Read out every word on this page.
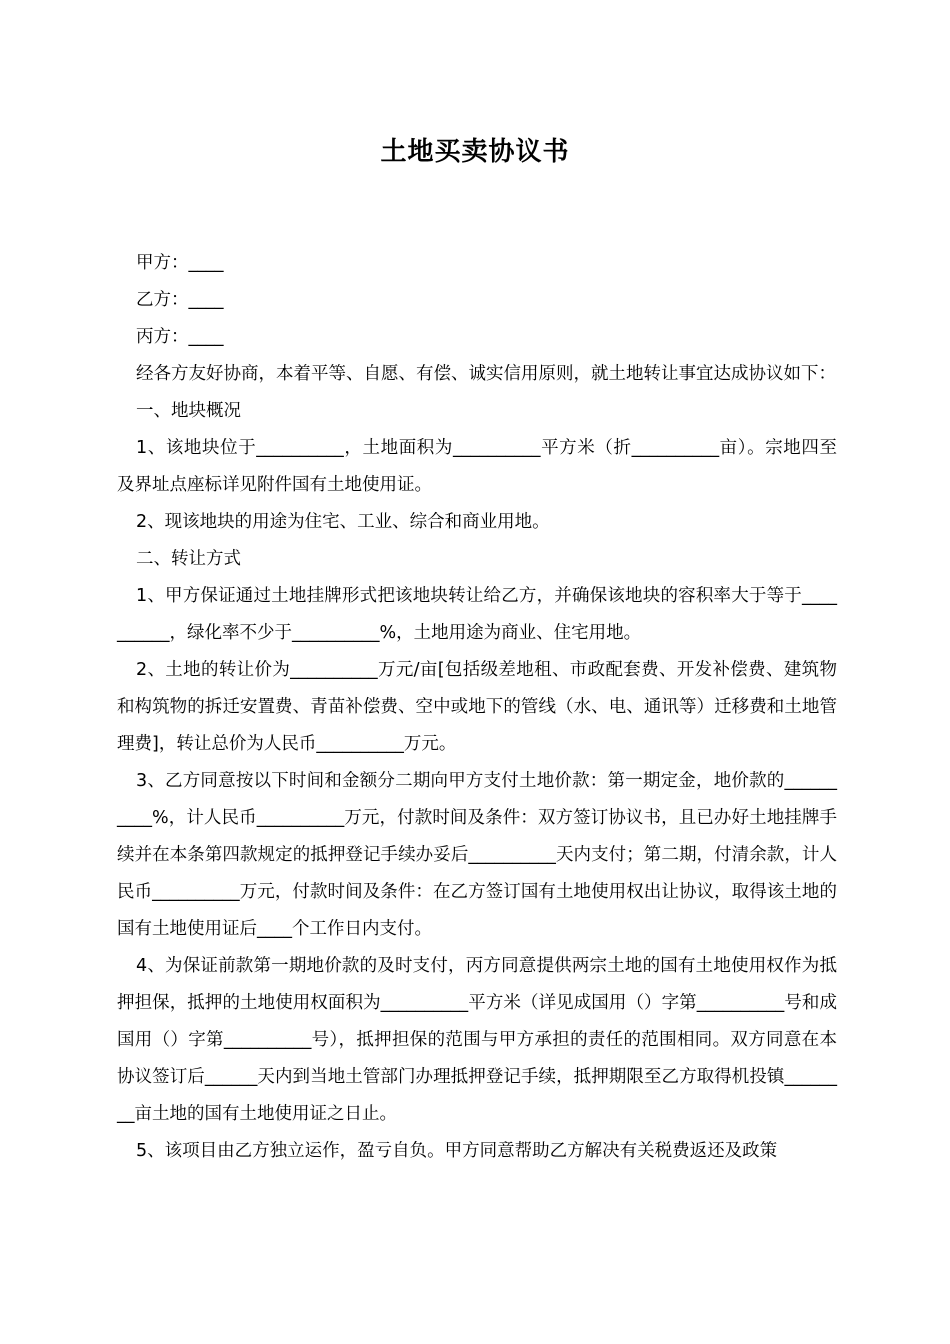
土地买卖协议书

甲方：____

乙方：____

丙方：____

经各方友好协商，本着平等、自愿、有偿、诚实信用原则，就土地转让事宜达成协议如下：

一、地块概况

1、该地块位于__________，土地面积为__________平方米（折__________亩）。宗地四至及界址点座标详见附件国有土地使用证。

2、现该地块的用途为住宅、工业、综合和商业用地。

二、转让方式

1、甲方保证通过土地挂牌形式把该地块转让给乙方，并确保该地块的容积率大于等于__________，绿化率不少于__________%，土地用途为商业、住宅用地。

2、土地的转让价为__________万元/亩[包括级差地租、市政配套费、开发补偿费、建筑物和构筑物的拆迁安置费、青苗补偿费、空中或地下的管线（水、电、通讯等）迁移费和土地管理费]，转让总价为人民币__________万元。

3、乙方同意按以下时间和金额分二期向甲方支付土地价款：第一期定金，地价款的__________%，计人民币__________万元，付款时间及条件：双方签订协议书，且已办好土地挂牌手续并在本条第四款规定的抵押登记手续办妥后__________天内支付；第二期，付清余款，计人民币__________万元，付款时间及条件：在乙方签订国有土地使用权出让协议，取得该土地的国有土地使用证后____个工作日内支付。

4、为保证前款第一期地价款的及时支付，丙方同意提供两宗土地的国有土地使用权作为抵押担保，抵押的土地使用权面积为__________平方米（详见成国用（）字第__________号和成国用（）字第__________号），抵押担保的范围与甲方承担的责任的范围相同。双方同意在本协议签订后______天内到当地土管部门办理抵押登记手续，抵押期限至乙方取得机投镇________亩土地的国有土地使用证之日止。

5、该项目由乙方独立运作，盈亏自负。甲方同意帮助乙方解决有关税费返还及政策
